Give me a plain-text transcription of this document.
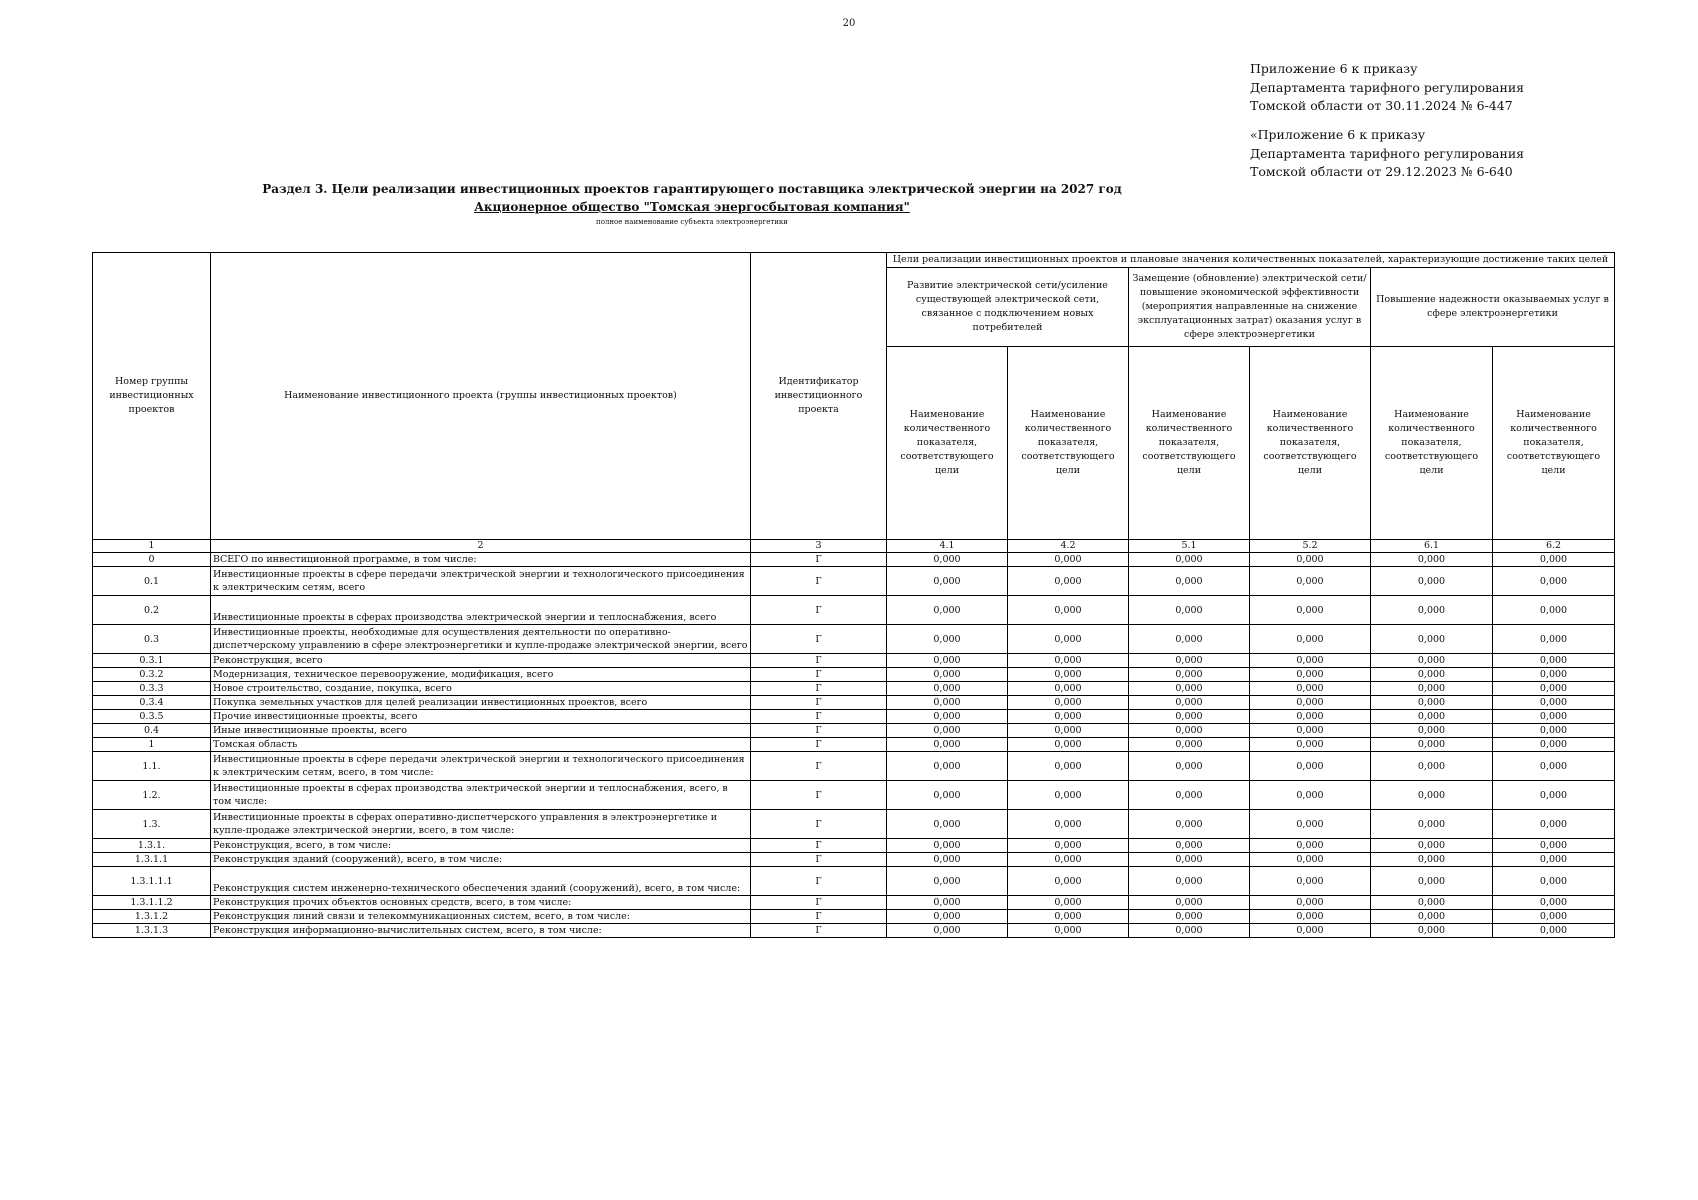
20
Приложение 6 к приказу
Департамента тарифного регулирования
Томской области от 30.11.2024 № 6-447
«Приложение 6 к приказу
Департамента тарифного регулирования
Томской области от 29.12.2023 № 6-640
Раздел 3. Цели реализации инвестиционных проектов гарантирующего поставщика электрической энергии на 2027 год
Акционерное общество "Томская энергосбытовая компания"
полное наименование субъекта электроэнергетики
Номер группы инвестиционных проектов	Наименование инвестиционного проекта (группы инвестиционных проектов)	Идентификатор инвестиционного проекта	Цели реализации инвестиционных проектов и плановые значения количественных показателей, характеризующие достижение таких целей					
			Развитие электрической сети/усиление существующей электрической сети, связанное с подключением новых потребителей		Замещение (обновление) электрической сети/повышение экономической эффективности (мероприятия направленные на снижение эксплуатационных затрат) оказания услуг в сфере электроэнергетики		Повышение надежности оказываемых услуг в сфере электроэнергетики	
			Наименование количественного показателя, соответствующего цели	Наименование количественного показателя, соответствующего цели	Наименование количественного показателя, соответствующего цели	Наименование количественного показателя, соответствующего цели	Наименование количественного показателя, соответствующего цели	Наименование количественного показателя, соответствующего цели
1	2	3	4.1	4.2	5.1	5.2	6.1	6.2
0	ВСЕГО по инвестиционной программе, в том числе:	Г	0,000	0,000	0,000	0,000	0,000	0,000
0.1	Инвестиционные проекты в сфере передачи электрической энергии и технологического присоединения к электрическим сетям, всего	Г	0,000	0,000	0,000	0,000	0,000	0,000
0.2	Инвестиционные проекты в сферах производства электрической энергии и теплоснабжения, всего	Г	0,000	0,000	0,000	0,000	0,000	0,000
0.3	Инвестиционные проекты, необходимые для осуществления деятельности по оперативно-диспетчерскому управлению в сфере электроэнергетики и купле-продаже электрической энергии, всего	Г	0,000	0,000	0,000	0,000	0,000	0,000
0.3.1	Реконструкция, всего	Г	0,000	0,000	0,000	0,000	0,000	0,000
0.3.2	Модернизация, техническое перевооружение, модификация, всего	Г	0,000	0,000	0,000	0,000	0,000	0,000
0.3.3	Новое строительство, создание, покупка, всего	Г	0,000	0,000	0,000	0,000	0,000	0,000
0.3.4	Покупка земельных участков для целей реализации инвестиционных проектов, всего	Г	0,000	0,000	0,000	0,000	0,000	0,000
0.3.5	Прочие инвестиционные проекты, всего	Г	0,000	0,000	0,000	0,000	0,000	0,000
0.4	Иные инвестиционные проекты, всего	Г	0,000	0,000	0,000	0,000	0,000	0,000
1	Томская область	Г	0,000	0,000	0,000	0,000	0,000	0,000
1.1.	Инвестиционные проекты в сфере передачи электрической энергии и технологического присоединения к электрическим сетям, всего, в том числе:	Г	0,000	0,000	0,000	0,000	0,000	0,000
1.2.	Инвестиционные проекты в сферах производства электрической энергии и теплоснабжения, всего, в том числе:	Г	0,000	0,000	0,000	0,000	0,000	0,000
1.3.	Инвестиционные проекты в сферах оперативно-диспетчерского управления в электроэнергетике и купле-продаже электрической энергии, всего, в том числе:	Г	0,000	0,000	0,000	0,000	0,000	0,000
1.3.1.	Реконструкция, всего, в том числе:	Г	0,000	0,000	0,000	0,000	0,000	0,000
1.3.1.1	Реконструкция зданий (сооружений), всего, в том числе:	Г	0,000	0,000	0,000	0,000	0,000	0,000
1.3.1.1.1	Реконструкция систем инженерно-технического обеспечения зданий (сооружений), всего, в том числе:	Г	0,000	0,000	0,000	0,000	0,000	0,000
1.3.1.1.2	Реконструкция прочих объектов основных средств, всего, в том числе:	Г	0,000	0,000	0,000	0,000	0,000	0,000
1.3.1.2	Реконструкция линий связи и телекоммуникационных систем, всего, в том числе:	Г	0,000	0,000	0,000	0,000	0,000	0,000
1.3.1.3	Реконструкция информационно-вычислительных систем, всего, в том числе:	Г	0,000	0,000	0,000	0,000	0,000	0,000
